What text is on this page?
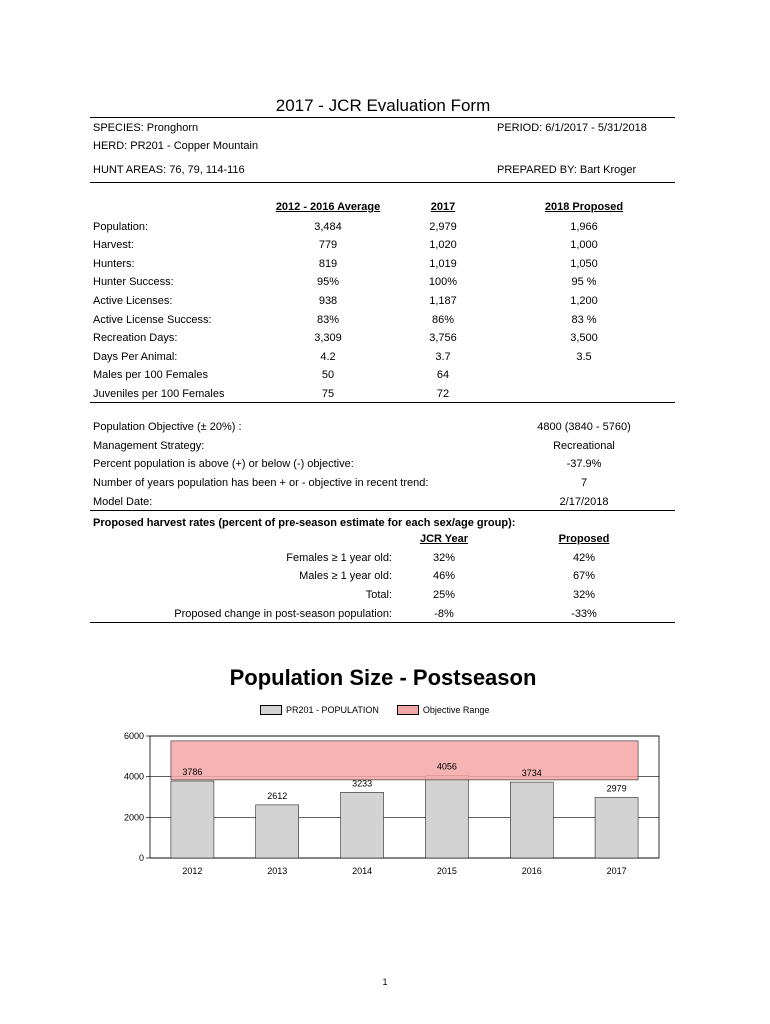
2017 - JCR Evaluation Form
SPECIES: Pronghorn	PERIOD: 6/1/2017 - 5/31/2018
HERD: PR201 - Copper Mountain
HUNT AREAS: 76, 79, 114-116	PREPARED BY: Bart Kroger
2012 - 2016 Average	2017	2018 Proposed
Population:	3,484	2,979	1,966
Harvest:	779	1,020	1,000
Hunters:	819	1,019	1,050
Hunter Success:	95%	100%	95 %
Active Licenses:	938	1,187	1,200
Active License Success:	83%	86%	83 %
Recreation Days:	3,309	3,756	3,500
Days Per Animal:	4.2	3.7	3.5
Males per 100 Females	50	64
Juveniles per 100 Females	75	72
Population Objective (± 20%) :	4800 (3840 - 5760)
Management Strategy:	Recreational
Percent population is above (+) or below (-) objective:	-37.9%
Number of years population has been + or - objective in recent trend:	7
Model Date:	2/17/2018
Proposed harvest rates (percent of pre-season estimate for each sex/age group):
JCR Year	Proposed
Females ≥ 1 year old:	32%	42%
Males ≥ 1 year old:	46%	67%
Total:	25%	32%
Proposed change in post-season population:	-8%	-33%
Population Size - Postseason
PR201 - POPULATION	Objective Range
0
2000
4000
6000
3786
2612
3233
4056
3734
2979
2012	2013	2014	2015	2016	2017
1
